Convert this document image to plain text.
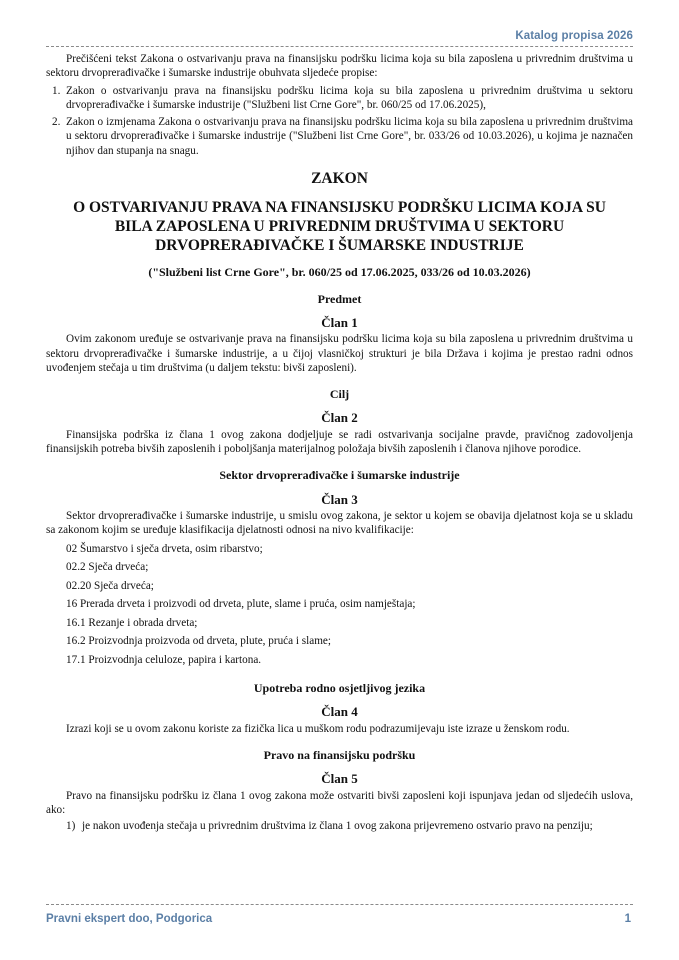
Katalog propisa 2026

Prečišćeni tekst Zakona o ostvarivanju prava na finansijsku podršku licima koja su bila zaposlena u privrednim društvima u sektoru drvoprerađivačke i šumarske industrije obuhvata sljedeće propise:

1. Zakon o ostvarivanju prava na finansijsku podršku licima koja su bila zaposlena u privrednim društvima u sektoru drvoprerađivačke i šumarske industrije ("Službeni list Crne Gore", br. 060/25 od 17.06.2025),
2. Zakon o izmjenama Zakona o ostvarivanju prava na finansijsku podršku licima koja su bila zaposlena u privrednim društvima u sektoru drvoprerađivačke i šumarske industrije ("Službeni list Crne Gore", br. 033/26 od 10.03.2026), u kojima je naznačen njihov dan stupanja na snagu.
ZAKON
O OSTVARIVANJU PRAVA NA FINANSIJSKU PODRŠKU LICIMA KOJA SU BILA ZAPOSLENA U PRIVREDNIM DRUŠTVIMA U SEKTORU DRVOPRERAĐIVAČKE I ŠUMARSKE INDUSTRIJE
("Službeni list Crne Gore", br. 060/25 od 17.06.2025, 033/26 od 10.03.2026)
Predmet
Član 1

Ovim zakonom uređuje se ostvarivanje prava na finansijsku podršku licima koja su bila zaposlena u privrednim društvima u sektoru drvoprerađivačke i šumarske industrije, a u čijoj vlasničkoj strukturi je bila Država i kojima je prestao radni odnos uvođenjem stečaja u tim društvima (u daljem tekstu: bivši zaposleni).

Cilj
Član 2

Finansijska podrška iz člana 1 ovog zakona dodjeljuje se radi ostvarivanja socijalne pravde, pravičnog zadovoljenja finansijskih potreba bivših zaposlenih i poboljšanja materijalnog položaja bivših zaposlenih i članova njihove porodice.

Sektor drvoprerađivačke i šumarske industrije
Član 3

Sektor drvoprerađivačke i šumarske industrije, u smislu ovog zakona, je sektor u kojem se obavija djelatnost koja se u skladu sa zakonom kojim se uređuje klasifikacija djelatnosti odnosi na nivo kvalifikacije:

02 Šumarstvo i sječa drveta, osim ribarstvo;

02.2 Sječa drveća;

02.20 Sječa drveća;

16 Prerada drveta i proizvodi od drveta, plute, slame i pruća, osim namještaja;

16.1 Rezanje i obrada drveta;

16.2 Proizvodnja proizvoda od drveta, plute, pruća i slame;

17.1 Proizvodnja celuloze, papira i kartona.

Upotreba rodno osjetljivog jezika
Član 4

Izrazi koji se u ovom zakonu koriste za fizička lica u muškom rodu podrazumijevaju iste izraze u ženskom rodu.

Pravo na finansijsku podršku
Član 5

Pravo na finansijsku podršku iz člana 1 ovog zakona može ostvariti bivši zaposleni koji ispunjava jedan od sljedećih uslova, ako:

1) je nakon uvođenja stečaja u privrednim društvima iz člana 1 ovog zakona prijevremeno ostvario pravo na penziju;
Pravni ekspert doo, Podgorica	1
